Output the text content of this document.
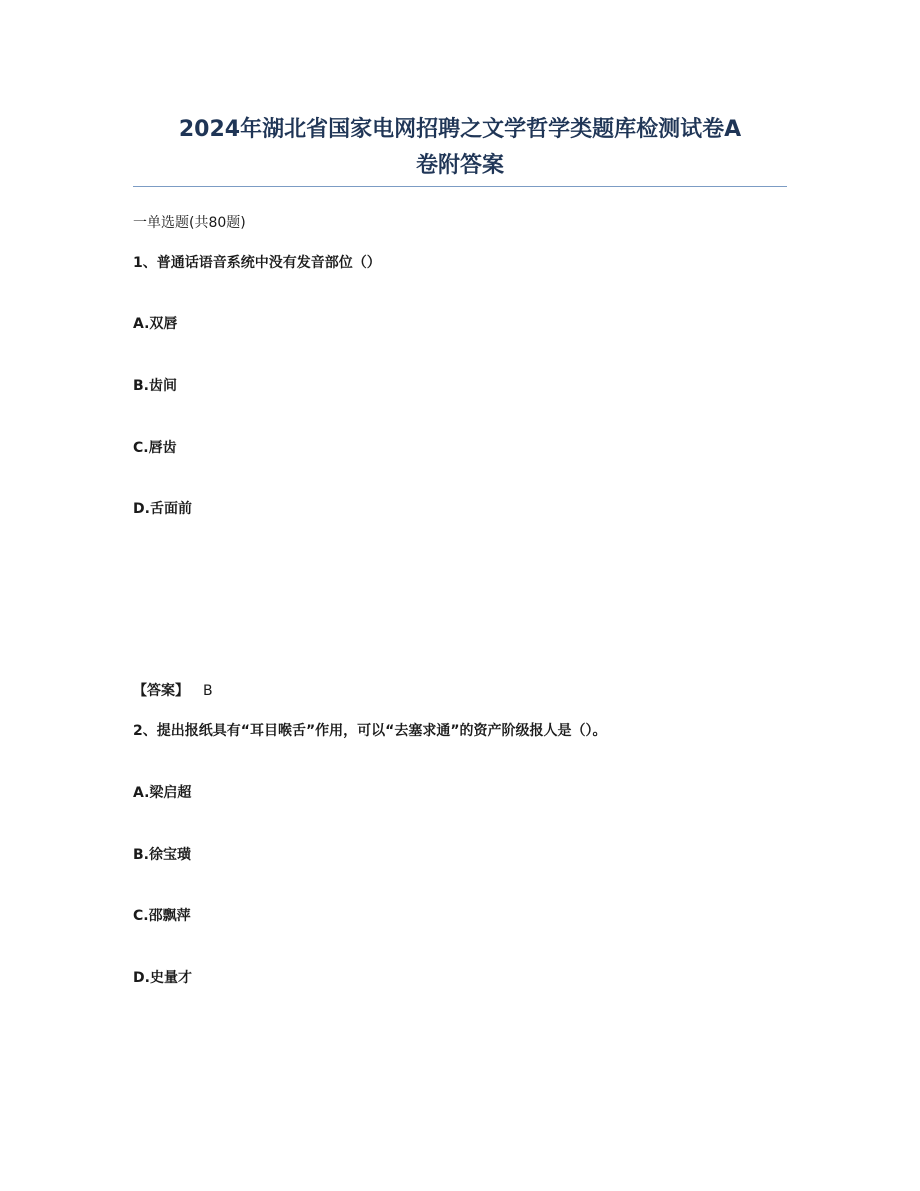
2024年湖北省国家电网招聘之文学哲学类题库检测试卷A
卷附答案
一单选题(共80题)
1、普通话语音系统中没有发音部位（）
A.双唇
B.齿间
C.唇齿
D.舌面前
【答案】 B
2、提出报纸具有“耳目喉舌”作用，可以“去塞求通”的资产阶级报人是（）。
A.梁启超
B.徐宝璜
C.邵飘萍
D.史量才
